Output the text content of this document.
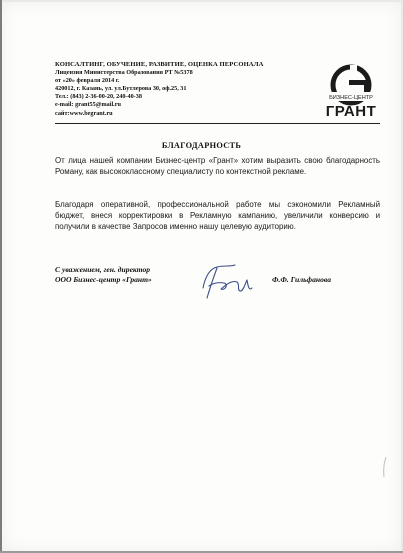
КОНСАЛТИНГ, ОБУЧЕНИЕ, РАЗВИТИЕ, ОЦЕНКА ПЕРСОНАЛА
Лицензия Министерства Образования РТ №5378
от «20» февраля 2014 г.
420012, г. Казань, ул. ул.Бутлерова 30, оф.25, 31
Тел.: (843) 2-36-00-20, 240-40-38
e-mail: grant55@mail.ru
сайт:www.begrant.ru
БИЗНЕС-ЦЕНТР
ГРАНТ
БЛАГОДАРНОСТЬ
От лица нашей компании Бизнес-центр «Грант» хотим выразить свою благодарность Роману, как высококлассному специалисту по контекстной рекламе.
Благодаря оперативной, профессиональной работе мы сэкономили Рекламный бюджет, внеся корректировки в Рекламную кампанию, увеличили конверсию и получили в качестве Запросов именно нашу целевую аудиторию.
С уважением, ген. директор
ООО Бизнес-центр «Грант»	Ф.Ф. Гильфанова
